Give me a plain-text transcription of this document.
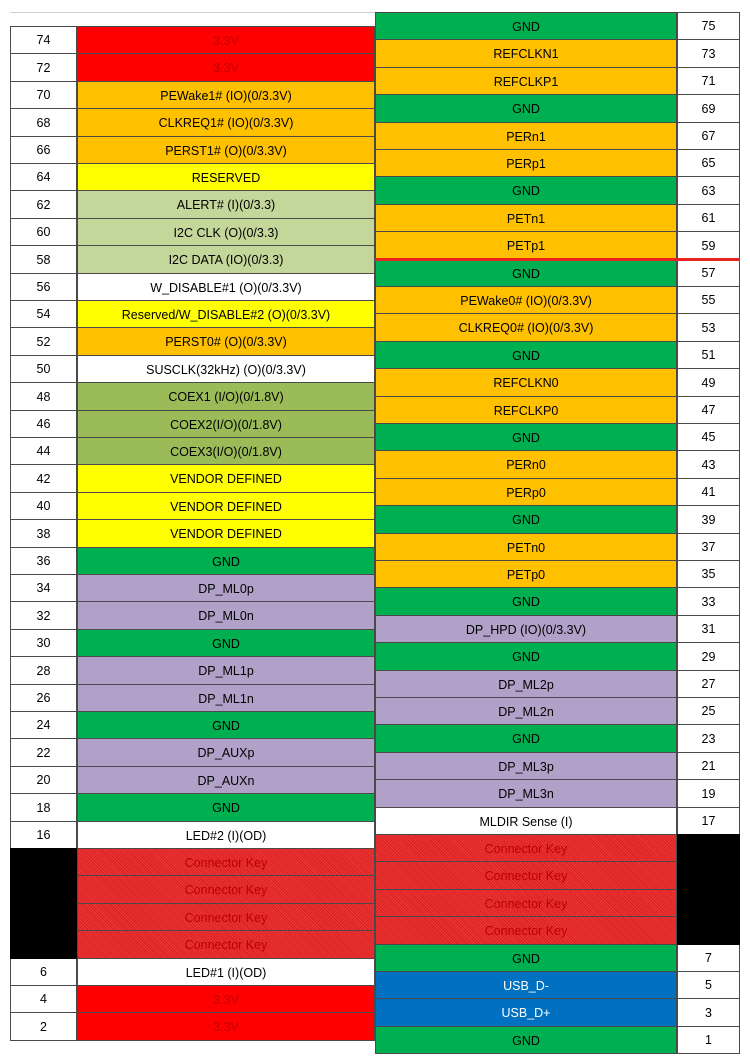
74	3.3V
72	3.3V
70	PEWake1# (IO)(0/3.3V)
68	CLKREQ1# (IO)(0/3.3V)
66	PERST1# (O)(0/3.3V)
64	RESERVED
62	ALERT# (I)(0/3.3)
60	I2C CLK (O)(0/3.3)
58	I2C DATA (IO)(0/3.3)
56	W_DISABLE#1 (O)(0/3.3V)
54	Reserved/W_DISABLE#2 (O)(0/3.3V)
52	PERST0# (O)(0/3.3V)
50	SUSCLK(32kHz) (O)(0/3.3V)
48	COEX1 (I/O)(0/1.8V)
46	COEX2(I/O)(0/1.8V)
44	COEX3(I/O)(0/1.8V)
42	VENDOR DEFINED
40	VENDOR DEFINED
38	VENDOR DEFINED
36	GND
34	DP_ML0p
32	DP_ML0n
30	GND
28	DP_ML1p
26	DP_ML1n
24	GND
22	DP_AUXp
20	DP_AUXn
18	GND
16	LED#2 (I)(OD)
Connector Key
Connector Key
Connector Key
Connector Key
6	LED#1 (I)(OD)
4	3.3V
2	3.3V
GND	75
REFCLKN1	73
REFCLKP1	71
GND	69
PERn1	67
PERp1	65
GND	63
PETn1	61
PETp1	59
GND	57
PEWake0# (IO)(0/3.3V)	55
CLKREQ0# (IO)(0/3.3V)	53
GND	51
REFCLKN0	49
REFCLKP0	47
GND	45
PERn0	43
PERp0	41
GND	39
PETn0	37
PETp0	35
GND	33
DP_HPD (IO)(0/3.3V)	31
GND	29
DP_ML2p	27
DP_ML2n	25
GND	23
DP_ML3p	21
DP_ML3n	19
MLDIR Sense (I)	17
Connector Key
Connector Key
Connector Key
Connector Key
GND	7
USB_D-	5
USB_D+	3
GND	1
